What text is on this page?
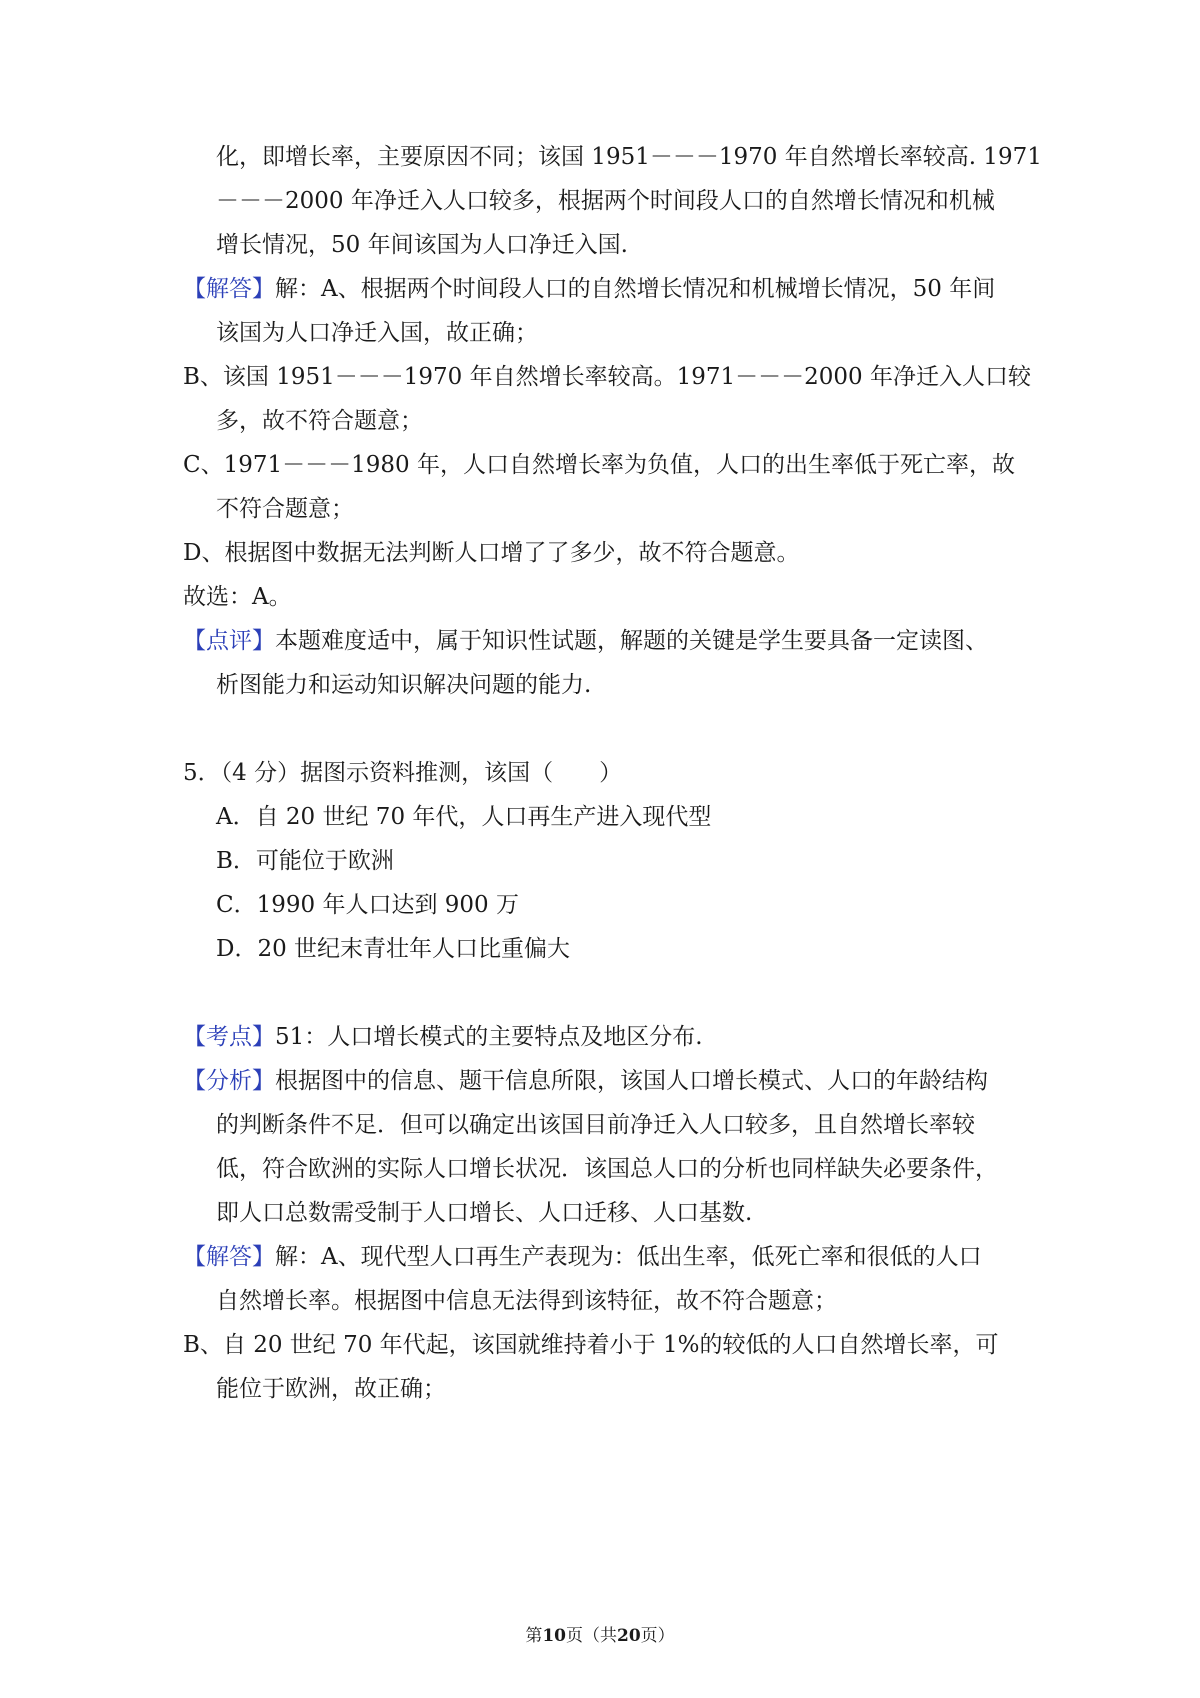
化，即增长率，主要原因不同；该国 1951－－－1970 年自然增长率较高. 1971
－－－2000 年净迁入人口较多，根据两个时间段人口的自然增长情况和机械
增长情况，50 年间该国为人口净迁入国.
【解答】解：A、根据两个时间段人口的自然增长情况和机械增长情况，50 年间
该国为人口净迁入国，故正确；
B、该国 1951－－－1970 年自然增长率较高。1971－－－2000 年净迁入人口较
多，故不符合题意；
C、1971－－－1980 年，人口自然增长率为负值，人口的出生率低于死亡率，故
不符合题意；
D、根据图中数据无法判断人口增了了多少，故不符合题意。
故选：A。
【点评】本题难度适中，属于知识性试题，解题的关键是学生要具备一定读图、
析图能力和运动知识解决问题的能力.
5．（4 分）据图示资料推测，该国（　　）
A．自 20 世纪 70 年代，人口再生产进入现代型
B．可能位于欧洲
C．1990 年人口达到 900 万
D．20 世纪末青壮年人口比重偏大
【考点】51：人口增长模式的主要特点及地区分布.
【分析】根据图中的信息、题干信息所限，该国人口增长模式、人口的年龄结构
的判断条件不足．但可以确定出该国目前净迁入人口较多，且自然增长率较
低，符合欧洲的实际人口增长状况．该国总人口的分析也同样缺失必要条件，
即人口总数需受制于人口增长、人口迁移、人口基数.
【解答】解：A、现代型人口再生产表现为：低出生率，低死亡率和很低的人口
自然增长率。根据图中信息无法得到该特征，故不符合题意；
B、自 20 世纪 70 年代起，该国就维持着小于 1%的较低的人口自然增长率，可
能位于欧洲，故正确；
第10页（共20页）
